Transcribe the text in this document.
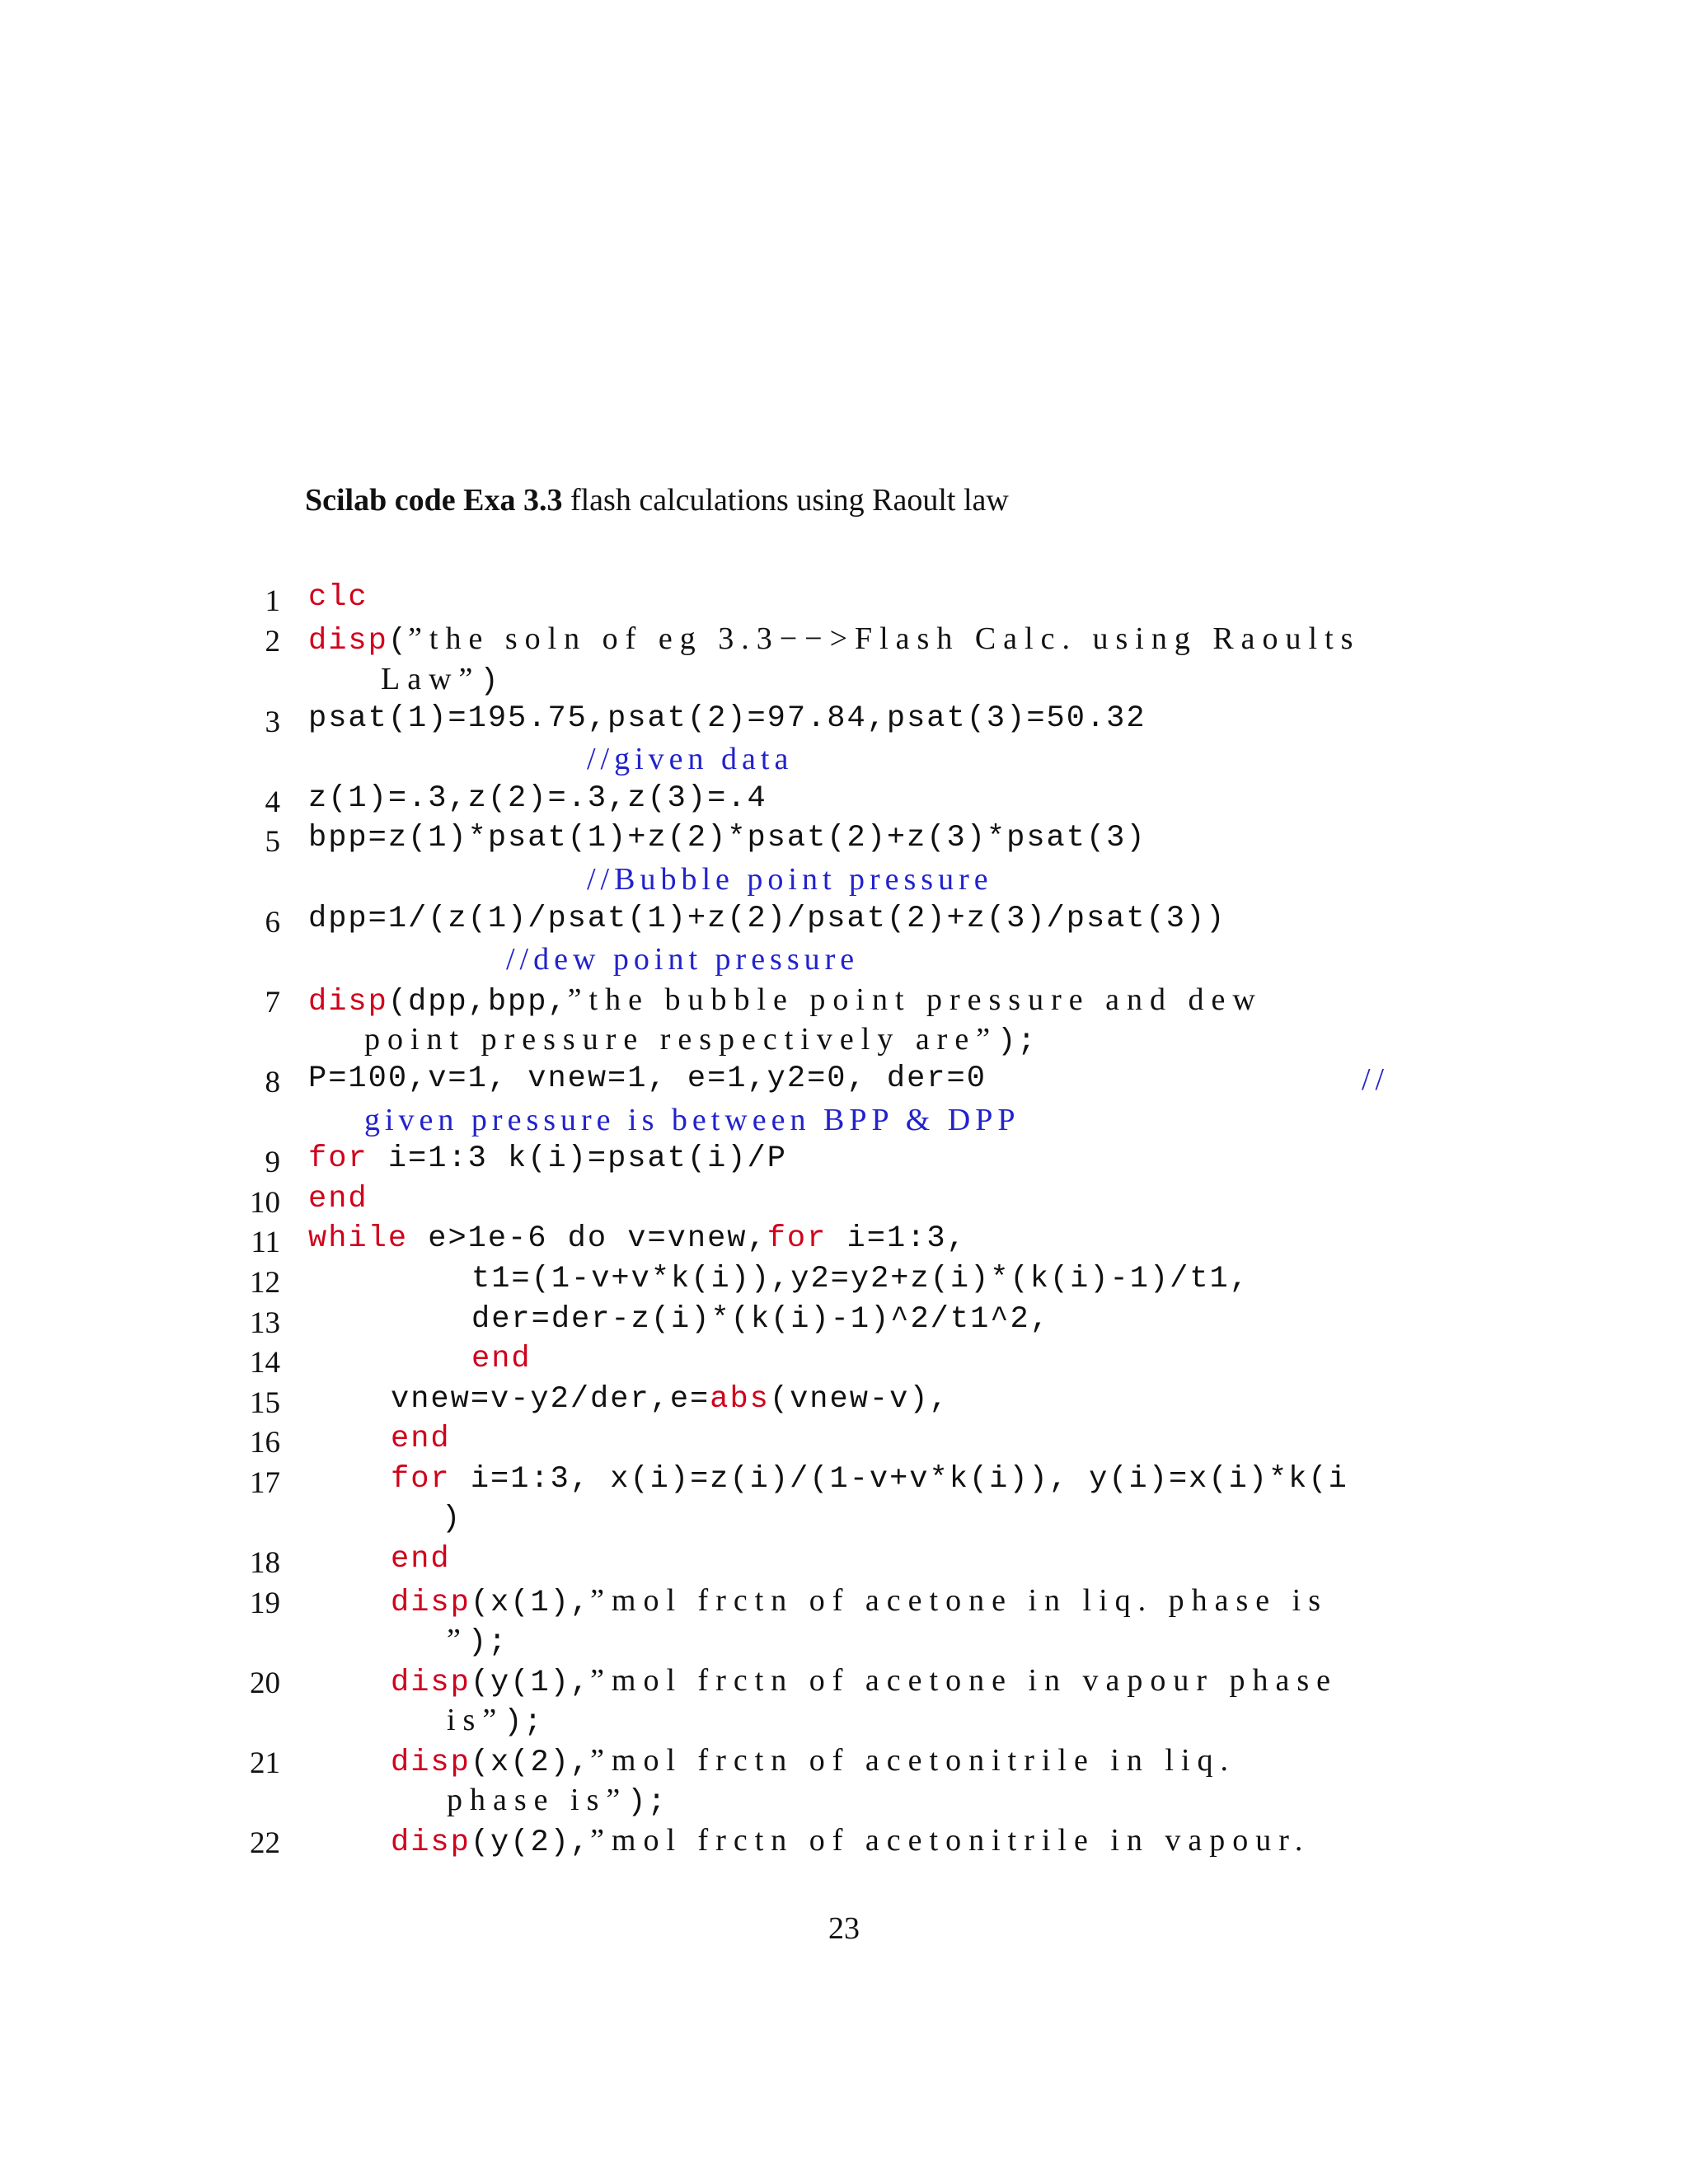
Scilab code Exa 3.3 flash calculations using Raoult law
1 clc
2 disp(”the soln of eg 3.3−−>Flash Calc. using Raoults
Law”)
3 psat(1)=195.75,psat(2)=97.84,psat(3)=50.32
//given data
4 z(1)=.3,z(2)=.3,z(3)=.4
5 bpp=z(1)*psat(1)+z(2)*psat(2)+z(3)*psat(3)
//Bubble point pressure
6 dpp=1/(z(1)/psat(1)+z(2)/psat(2)+z(3)/psat(3))
//dew point pressure
7 disp(dpp,bpp,”the bubble point pressure and dew
point pressure respectively are”);
8 P=100,v=1, vnew=1, e=1,y2=0, der=0	//
given pressure is between BPP & DPP
9 for i=1:3 k(i)=psat(i)/P
10 end
11 while e>1e-6 do v=vnew,for i=1:3,
12	t1=(1-v+v*k(i)),y2=y2+z(i)*(k(i)-1)/t1,
13	der=der-z(i)*(k(i)-1)^2/t1^2,
14	end
15	vnew=v-y2/der,e=abs(vnew-v),
16	end
17	for i=1:3, x(i)=z(i)/(1-v+v*k(i)), y(i)=x(i)*k(i
)
18	end
19	disp(x(1),”mol frctn of acetone in liq. phase is
”);
20	disp(y(1),”mol frctn of acetone in vapour phase
is”);
21	disp(x(2),”mol frctn of acetonitrile in liq.
phase is”);
22	disp(y(2),”mol frctn of acetonitrile in vapour.
23
